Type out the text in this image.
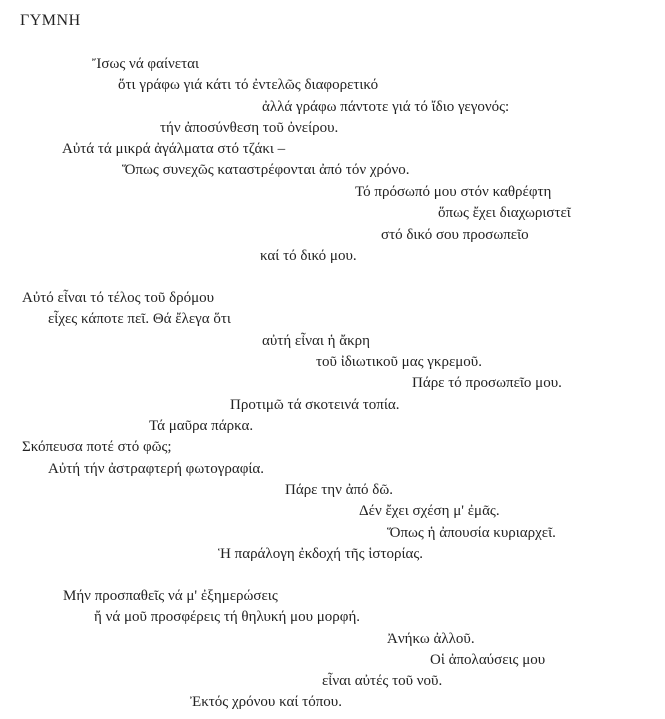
ΓΥΜΝΗ
Ἴσως νά φαίνεται
ὅτι γράφω γιά κάτι τό ἐντελῶς διαφορετικό
ἀλλά γράφω πάντοτε γιά τό ἴδιο γεγονός:
τήν ἀποσύνθεση τοῦ ὀνείρου.
Αὐτά τά μικρά ἀγάλματα στό τζάκι –
Ὅπως συνεχῶς καταστρέφονται ἀπό τόν χρόνο.
Τό πρόσωπό μου στόν καθρέφτη
ὅπως ἔχει διαχωριστεῖ
στό δικό σου προσωπεῖο
καί τό δικό μου.
Αὐτό εἶναι τό τέλος τοῦ δρόμου
εἶχες κάποτε πεῖ. Θά ἔλεγα ὅτι
αὐτή εἶναι ἡ ἄκρη
τοῦ ἰδιωτικοῦ μας γκρεμοῦ.
Πάρε τό προσωπεῖο μου.
Προτιμῶ τά σκοτεινά τοπία.
Τά μαῦρα πάρκα.
Σκόπευσα ποτέ στό φῶς;
Αὐτή τήν ἀστραφτερή φωτογραφία.
Πάρε την ἀπό δῶ.
Δέν ἔχει σχέση μ' ἐμᾶς.
Ὅπως ἡ ἀπουσία κυριαρχεῖ.
Ἡ παράλογη ἐκδοχή τῆς ἱστορίας.
Μήν προσπαθεῖς νά μ' ἐξημερώσεις
ἤ νά μοῦ προσφέρεις τή θηλυκή μου μορφή.
Ἀνήκω ἀλλοῦ.
Οἱ ἀπολαύσεις μου
εἶναι αὐτές τοῦ νοῦ.
Ἐκτός χρόνου καί τόπου.
